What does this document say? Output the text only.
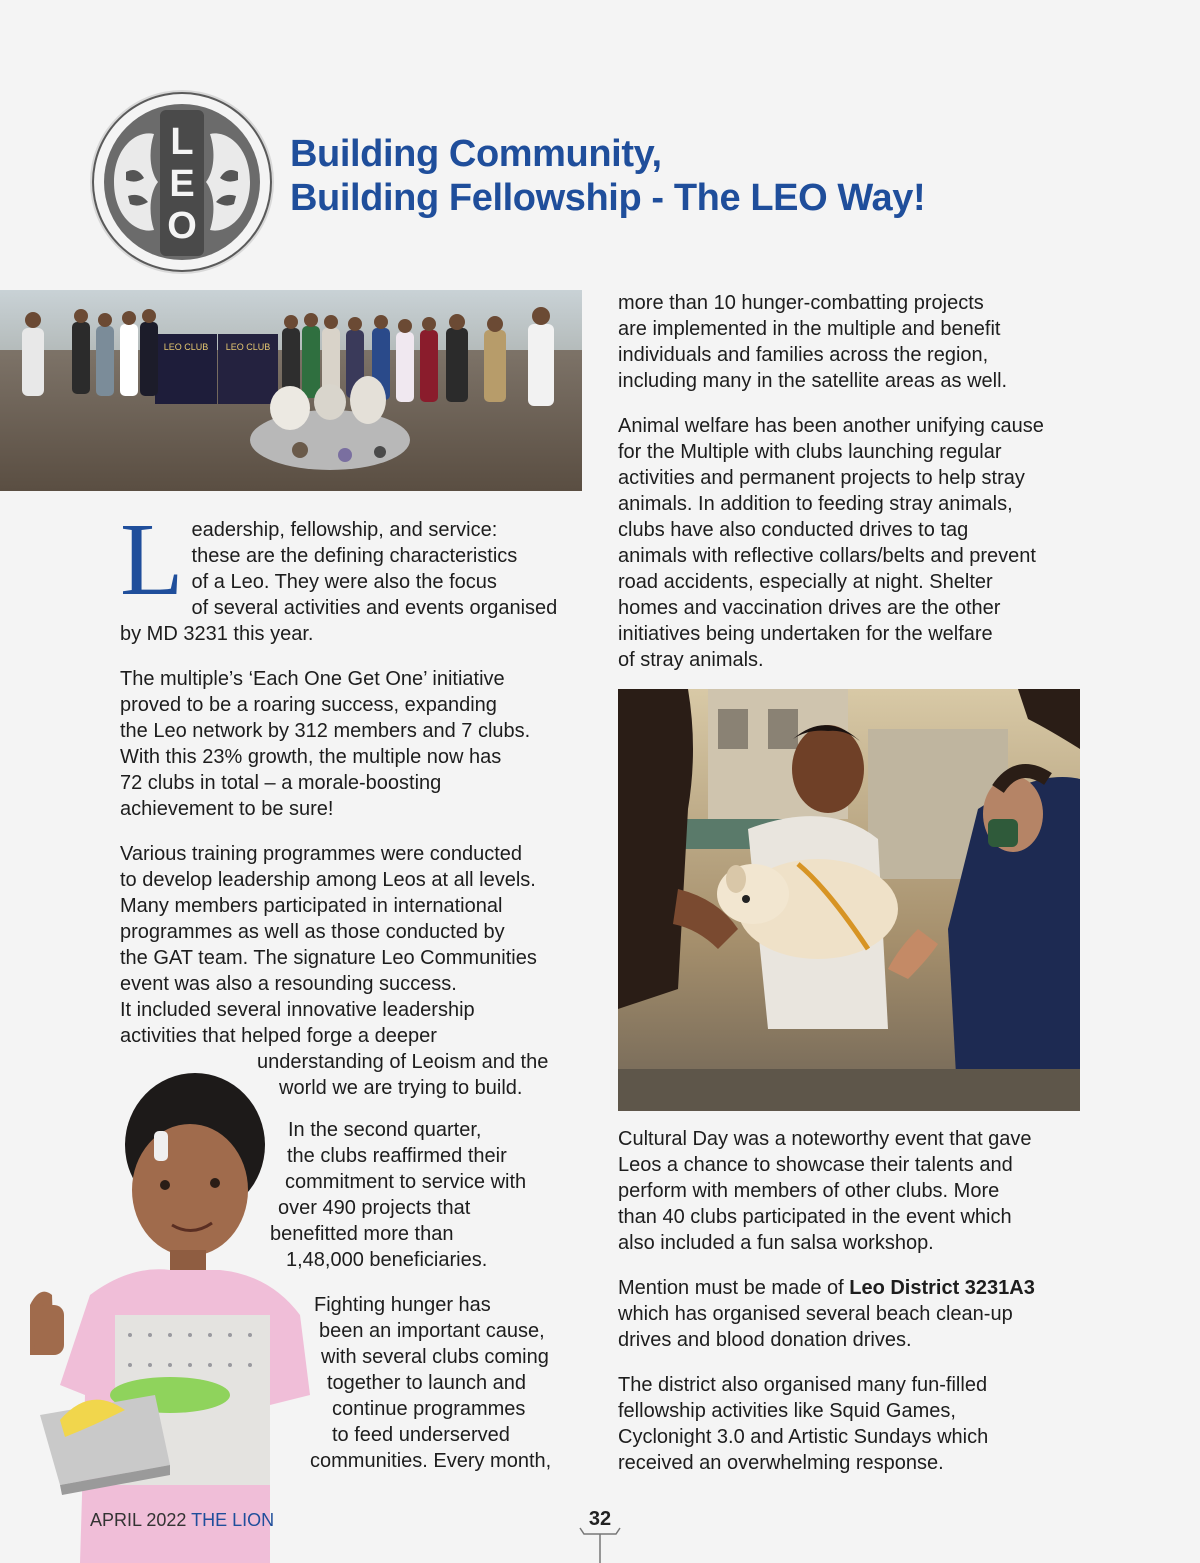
L
E
O
Building Community,
Building Fellowship - The LEO Way!
LEO CLUB LEO CLUB

L eadership, fellowship, and service:
these are the defining characteristics
of a Leo. They were also the focus
of several activities and events organised
by MD 3231 this year.

The multiple’s ‘Each One Get One’ initiative
proved to be a roaring success, expanding
the Leo network by 312 members and 7 clubs.
With this 23% growth, the multiple now has
72 clubs in total – a morale-boosting
achievement to be sure!

Various training programmes were conducted
to develop leadership among Leos at all levels.
Many members participated in international
programmes as well as those conducted by
the GAT team. The signature Leo Communities
event was also a resounding success.
It included several innovative leadership
activities that helped forge a deeper
understanding of Leoism and the
world we are trying to build.

In the second quarter,
the clubs reaffirmed their
commitment to service with
over 490 projects that
benefitted more than
1,48,000 beneficiaries.
Fighting hunger has
been an important cause,
with several clubs coming
together to launch and
continue programmes
to feed underserved
communities. Every month,

more than 10 hunger-combatting projects
are implemented in the multiple and benefit
individuals and families across the region,
including many in the satellite areas as well.

Animal welfare has been another unifying cause
for the Multiple with clubs launching regular
activities and permanent projects to help stray
animals. In addition to feeding stray animals,
clubs have also conducted drives to tag
animals with reflective collars/belts and prevent
road accidents, especially at night. Shelter
homes and vaccination drives are the other
initiatives being undertaken for the welfare
of stray animals.

Cultural Day was a noteworthy event that gave
Leos a chance to showcase their talents and
perform with members of other clubs. More
than 40 clubs participated in the event which
also included a fun salsa workshop.

Mention must be made of Leo District 3231A3
which has organised several beach clean-up
drives and blood donation drives.

The district also organised many fun-filled
fellowship activities like Squid Games,
Cyclonight 3.0 and Artistic Sundays which
received an overwhelming response.

APRIL 2022 THE LION	32
